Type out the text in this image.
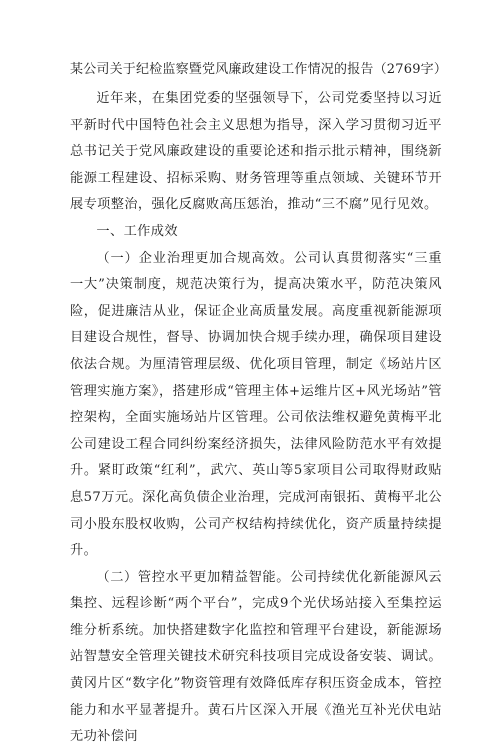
某公司关于纪检监察暨党风廉政建设工作情况的报告（2769字）

近年来，在集团党委的坚强领导下，公司党委坚持以习近平新时代中国特色社会主义思想为指导，深入学习贯彻习近平总书记关于党风廉政建设的重要论述和指示批示精神，围绕新能源工程建设、招标采购、财务管理等重点领域、关键环节开展专项整治，强化反腐败高压惩治，推动“三不腐”见行见效。

一、工作成效

（一）企业治理更加合规高效。公司认真贯彻落实“三重一大”决策制度，规范决策行为，提高决策水平，防范决策风险，促进廉洁从业，保证企业高质量发展。高度重视新能源项目建设合规性，督导、协调加快合规手续办理，确保项目建设依法合规。为厘清管理层级、优化项目管理，制定《场站片区管理实施方案》，搭建形成“管理主体+运维片区+风光场站”管控架构，全面实施场站片区管理。公司依法维权避免黄梅平北公司建设工程合同纠纷案经济损失，法律风险防范水平有效提升。紧盯政策“红利”，武穴、英山等5家项目公司取得财政贴息57万元。深化高负债企业治理，完成河南银拓、黄梅平北公司小股东股权收购，公司产权结构持续优化，资产质量持续提升。

（二）管控水平更加精益智能。公司持续优化新能源风云集控、远程诊断“两个平台”，完成9个光伏场站接入至集控运维分析系统。加快搭建数字化监控和管理平台建设，新能源场站智慧安全管理关键技术研究科技项目完成设备安装、调试。黄冈片区“数字化”物资管理有效降低库存积压资金成本，管控能力和水平显著提升。黄石片区深入开展《渔光互补光伏电站无功补偿问
